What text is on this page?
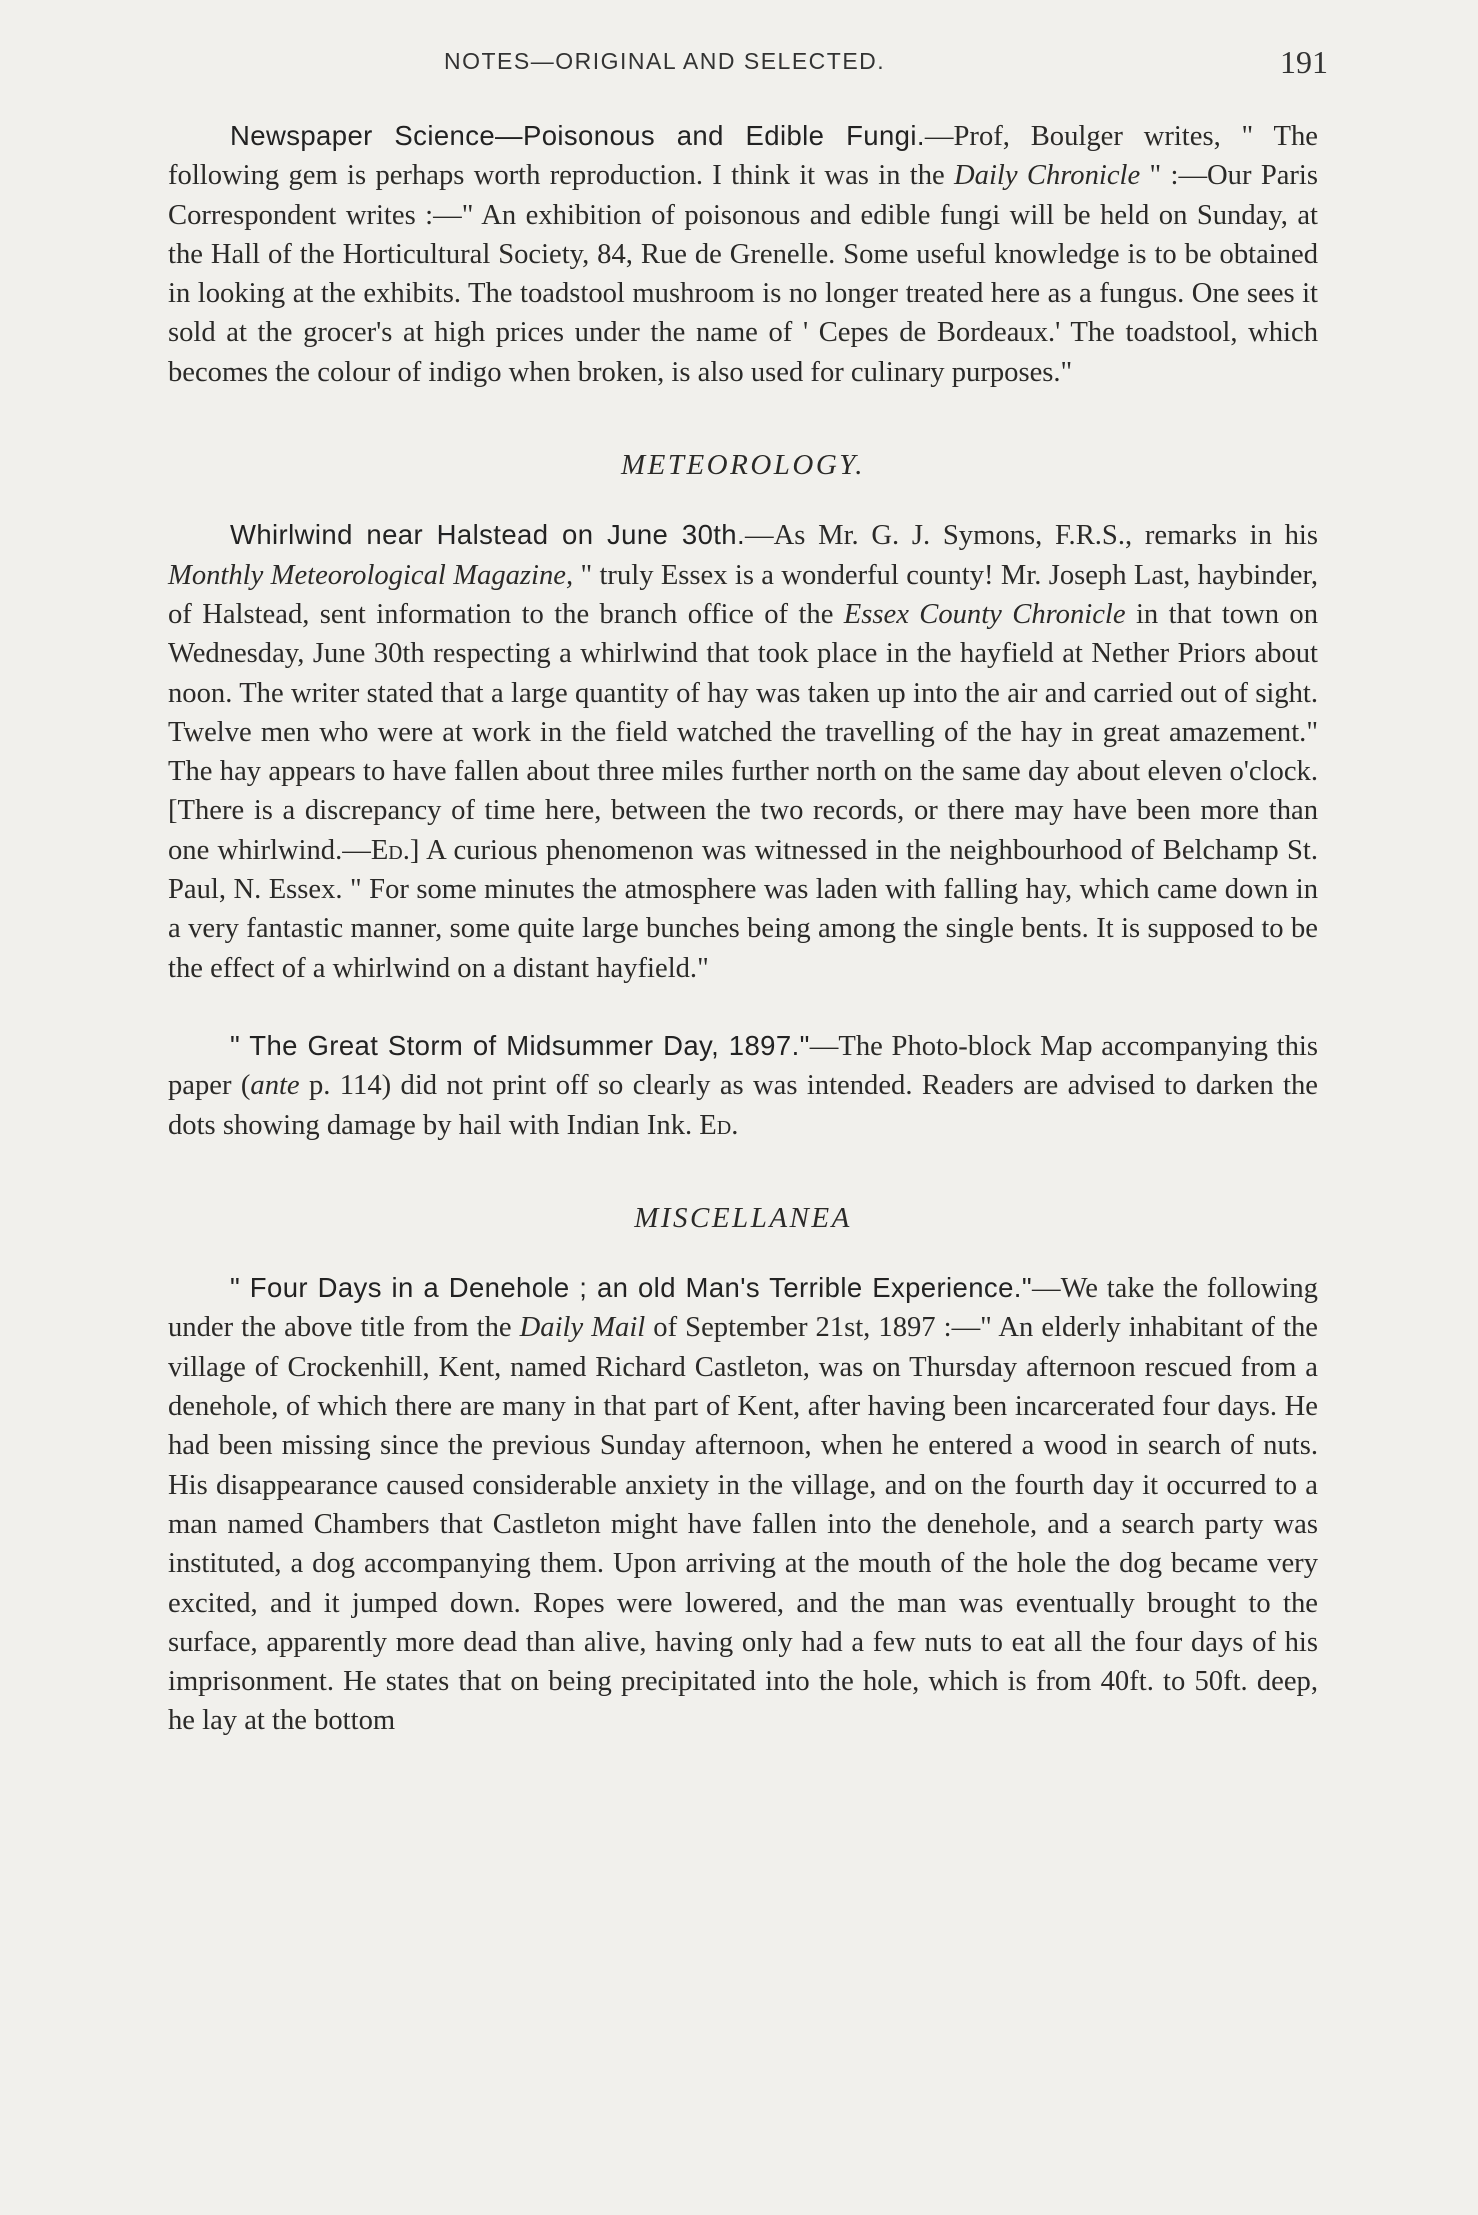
NOTES—ORIGINAL AND SELECTED.	191

Newspaper Science—Poisonous and Edible Fungi.—Prof, Boulger writes, " The following gem is perhaps worth reproduction. I think it was in the Daily Chronicle " :—Our Paris Correspondent writes :—" An exhibition of poisonous and edible fungi will be held on Sunday, at the Hall of the Horticultural Society, 84, Rue de Grenelle. Some useful knowledge is to be obtained in looking at the exhibits. The toadstool mushroom is no longer treated here as a fungus. One sees it sold at the grocer's at high prices under the name of ' Cepes de Bordeaux.' The toadstool, which becomes the colour of indigo when broken, is also used for culinary purposes."

METEOROLOGY.

Whirlwind near Halstead on June 30th.—As Mr. G. J. Symons, F.R.S., remarks in his Monthly Meteorological Magazine, " truly Essex is a wonderful county! Mr. Joseph Last, haybinder, of Halstead, sent information to the branch office of the Essex County Chronicle in that town on Wednesday, June 30th respecting a whirlwind that took place in the hayfield at Nether Priors about noon. The writer stated that a large quantity of hay was taken up into the air and carried out of sight. Twelve men who were at work in the field watched the travelling of the hay in great amazement." The hay appears to have fallen about three miles further north on the same day about eleven o'clock. [There is a discrepancy of time here, between the two records, or there may have been more than one whirlwind.—Ed.] A curious phenomenon was witnessed in the neighbourhood of Belchamp St. Paul, N. Essex. " For some minutes the atmosphere was laden with falling hay, which came down in a very fantastic manner, some quite large bunches being among the single bents. It is supposed to be the effect of a whirlwind on a distant hayfield."

" The Great Storm of Midsummer Day, 1897."—The Photo-block Map accompanying this paper (ante p. 114) did not print off so clearly as was intended. Readers are advised to darken the dots showing damage by hail with Indian Ink. Ed.

MISCELLANEA

" Four Days in a Denehole ; an old Man's Terrible Experience."—We take the following under the above title from the Daily Mail of September 21st, 1897 :—" An elderly inhabitant of the village of Crockenhill, Kent, named Richard Castleton, was on Thursday afternoon rescued from a denehole, of which there are many in that part of Kent, after having been incarcerated four days. He had been missing since the previous Sunday afternoon, when he entered a wood in search of nuts. His disappearance caused considerable anxiety in the village, and on the fourth day it occurred to a man named Chambers that Castleton might have fallen into the denehole, and a search party was instituted, a dog accompanying them. Upon arriving at the mouth of the hole the dog became very excited, and it jumped down. Ropes were lowered, and the man was eventually brought to the surface, apparently more dead than alive, having only had a few nuts to eat all the four days of his imprisonment. He states that on being precipitated into the hole, which is from 40ft. to 50ft. deep, he lay at the bottom
